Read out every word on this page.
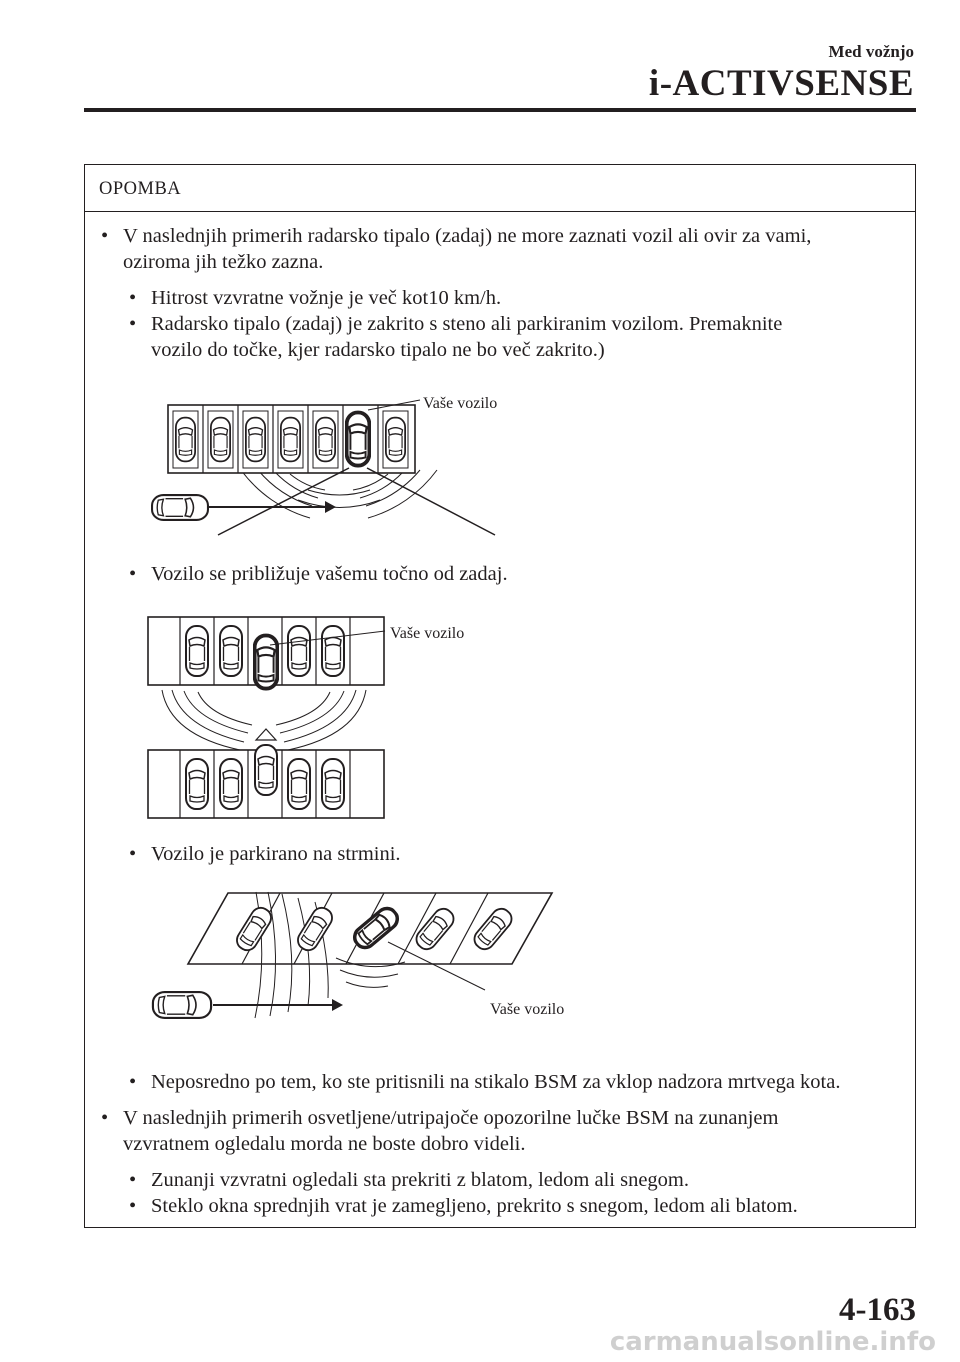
Med vožnjo
i-ACTIVSENSE
OPOMBA
• V naslednjih primerih radarsko tipalo (zadaj) ne more zaznati vozil ali ovir za vami,
oziroma jih težko zazna.
• Hitrost vzvratne vožnje je več kot10 km/h.
• Radarsko tipalo (zadaj) je zakrito s steno ali parkiranim vozilom. Premaknite
vozilo do točke, kjer radarsko tipalo ne bo več zakrito.)
• Vozilo se približuje vašemu točno od zadaj.
• Vozilo je parkirano na strmini.
• Neposredno po tem, ko ste pritisnili na stikalo BSM za vklop nadzora mrtvega kota.
• V naslednjih primerih osvetljene/utripajoče opozorilne lučke BSM na zunanjem
vzvratnem ogledalu morda ne boste dobro videli.
• Zunanji vzvratni ogledali sta prekriti z blatom, ledom ali snegom.
• Steklo okna sprednjih vrat je zamegljeno, prekrito s snegom, ledom ali blatom.
Vaše vozilo
Vaše vozilo
Vaše vozilo
4-163
carmanualsonline.info
